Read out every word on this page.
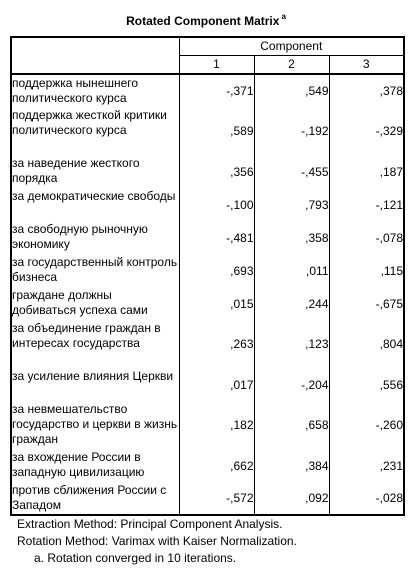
Rotated Component Matrix $^a$
	Component		
	1	2	3
поддержка нынешнего политического курса	-,371	,549	,378
поддержка жесткой критики политического курса	,589	-,192	-,329
за наведение жесткого порядка	,356	-,455	,187
за демократические свободы	-,100	,793	-,121
за свободную рыночную экономику	-,481	,358	-,078
за государственный контроль бизнеса	,693	,011	,115
граждане должны добиваться успеха сами	,015	,244	-,675
за объединение граждан в интересах государства	,263	,123	,804
за усиление влияния Церкви	,017	-,204	,556
за невмешательство государство и церкви в жизнь граждан	,182	,658	-,260
за вхождение России в западную цивилизацию	,662	,384	,231
против сближения России с Западом	-,572	,092	-,028
Extraction Method: Principal Component Analysis.
Rotation Method: Varimax with Kaiser Normalization.
a. Rotation converged in 10 iterations.
